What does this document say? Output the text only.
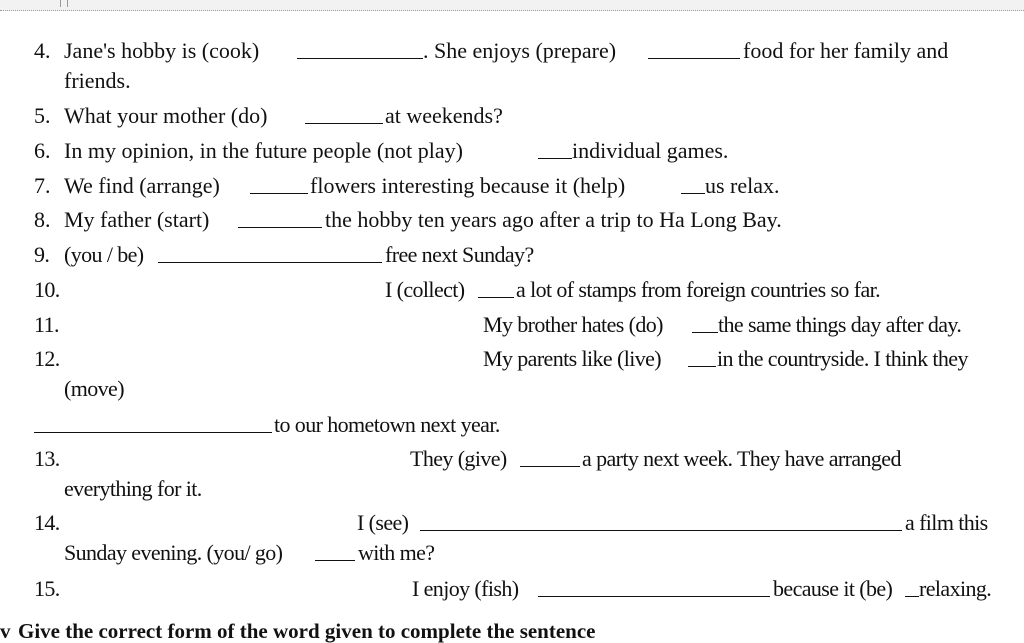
4. Jane's hobby is (cook)	. She enjoys (prepare)	food for her family and
friends.
5. What your mother (do)	at weekends?
6. In my opinion, in the future people (not play)	individual games.
7. We find (arrange)	flowers interesting because it (help)	us relax.
8. My father (start)	the hobby ten years ago after a trip to Ha Long Bay.
9. (you / be)	free next Sunday?
10.	I (collect) a lot of stamps from foreign countries so far.
11.	My brother hates (do)	the same things day after day.
12.	My parents like (live)	in the countryside. I think they
(move)
to our hometown next year.
13.	They (give)	a party next week. They have arranged
everything for it.
14.	I (see)	a film this
Sunday evening. (you/ go)	with me?
15.	I enjoy (fish)	because it (be) relaxing.
v Give the correct form of the word given to complete the sentence
